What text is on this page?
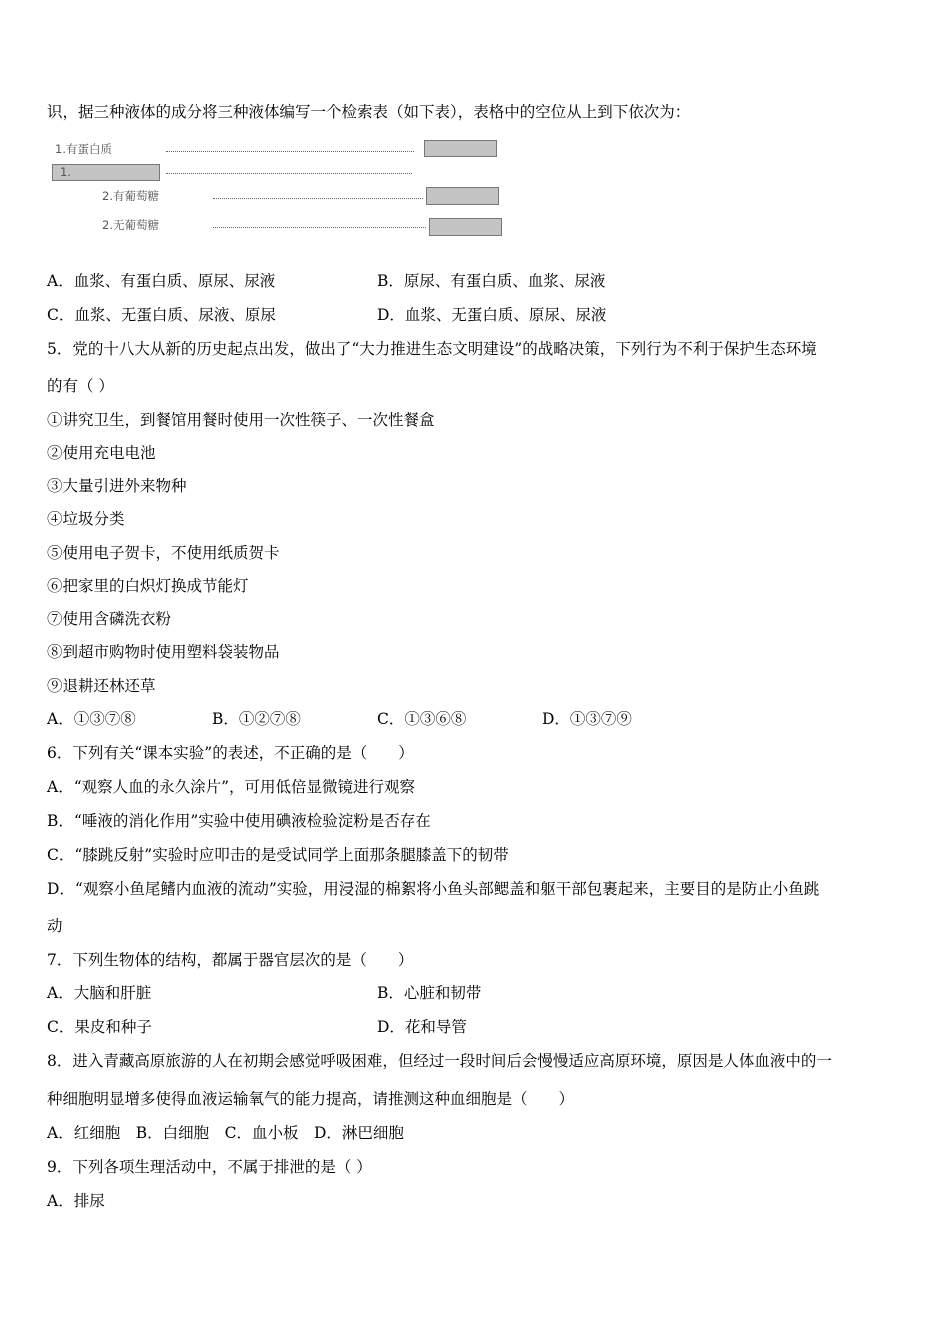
识，据三种液体的成分将三种液体编写一个检索表（如下表），表格中的空位从上到下依次为：
1.有蛋白质
1.
2.有葡萄糖
2.无葡萄糖
A．血浆、有蛋白质、原尿、尿液	B．原尿、有蛋白质、血浆、尿液
C．血浆、无蛋白质、尿液、原尿	D．血浆、无蛋白质、原尿、尿液
5．党的十八大从新的历史起点出发，做出了“大力推进生态文明建设”的战略决策，下列行为不利于保护生态环境
的有（ ）
①讲究卫生，到餐馆用餐时使用一次性筷子、一次性餐盒
②使用充电电池
③大量引进外来物种
④垃圾分类
⑤使用电子贺卡，不使用纸质贺卡
⑥把家里的白炽灯换成节能灯
⑦使用含磷洗衣粉
⑧到超市购物时使用塑料袋装物品
⑨退耕还林还草
A．①③⑦⑧	B．①②⑦⑧	C．①③⑥⑧	D．①③⑦⑨
6．下列有关“课本实验”的表述，不正确的是（　　）
A．“观察人血的永久涂片”，可用低倍显微镜进行观察
B．“唾液的消化作用”实验中使用碘液检验淀粉是否存在
C．“膝跳反射”实验时应叩击的是受试同学上面那条腿膝盖下的韧带
D．“观察小鱼尾鳍内血液的流动”实验，用浸湿的棉絮将小鱼头部鳃盖和躯干部包裹起来，主要目的是防止小鱼跳
动
7．下列生物体的结构，都属于器官层次的是（　　）
A．大脑和肝脏	B．心脏和韧带
C．果皮和种子	D．花和导管
8．进入青藏高原旅游的人在初期会感觉呼吸困难，但经过一段时间后会慢慢适应高原环境，原因是人体血液中的一
种细胞明显增多使得血液运输氧气的能力提高，请推测这种血细胞是（　　）
A．红细胞　B．白细胞　C．血小板　D．淋巴细胞
9．下列各项生理活动中，不属于排泄的是（ ）
A．排尿
